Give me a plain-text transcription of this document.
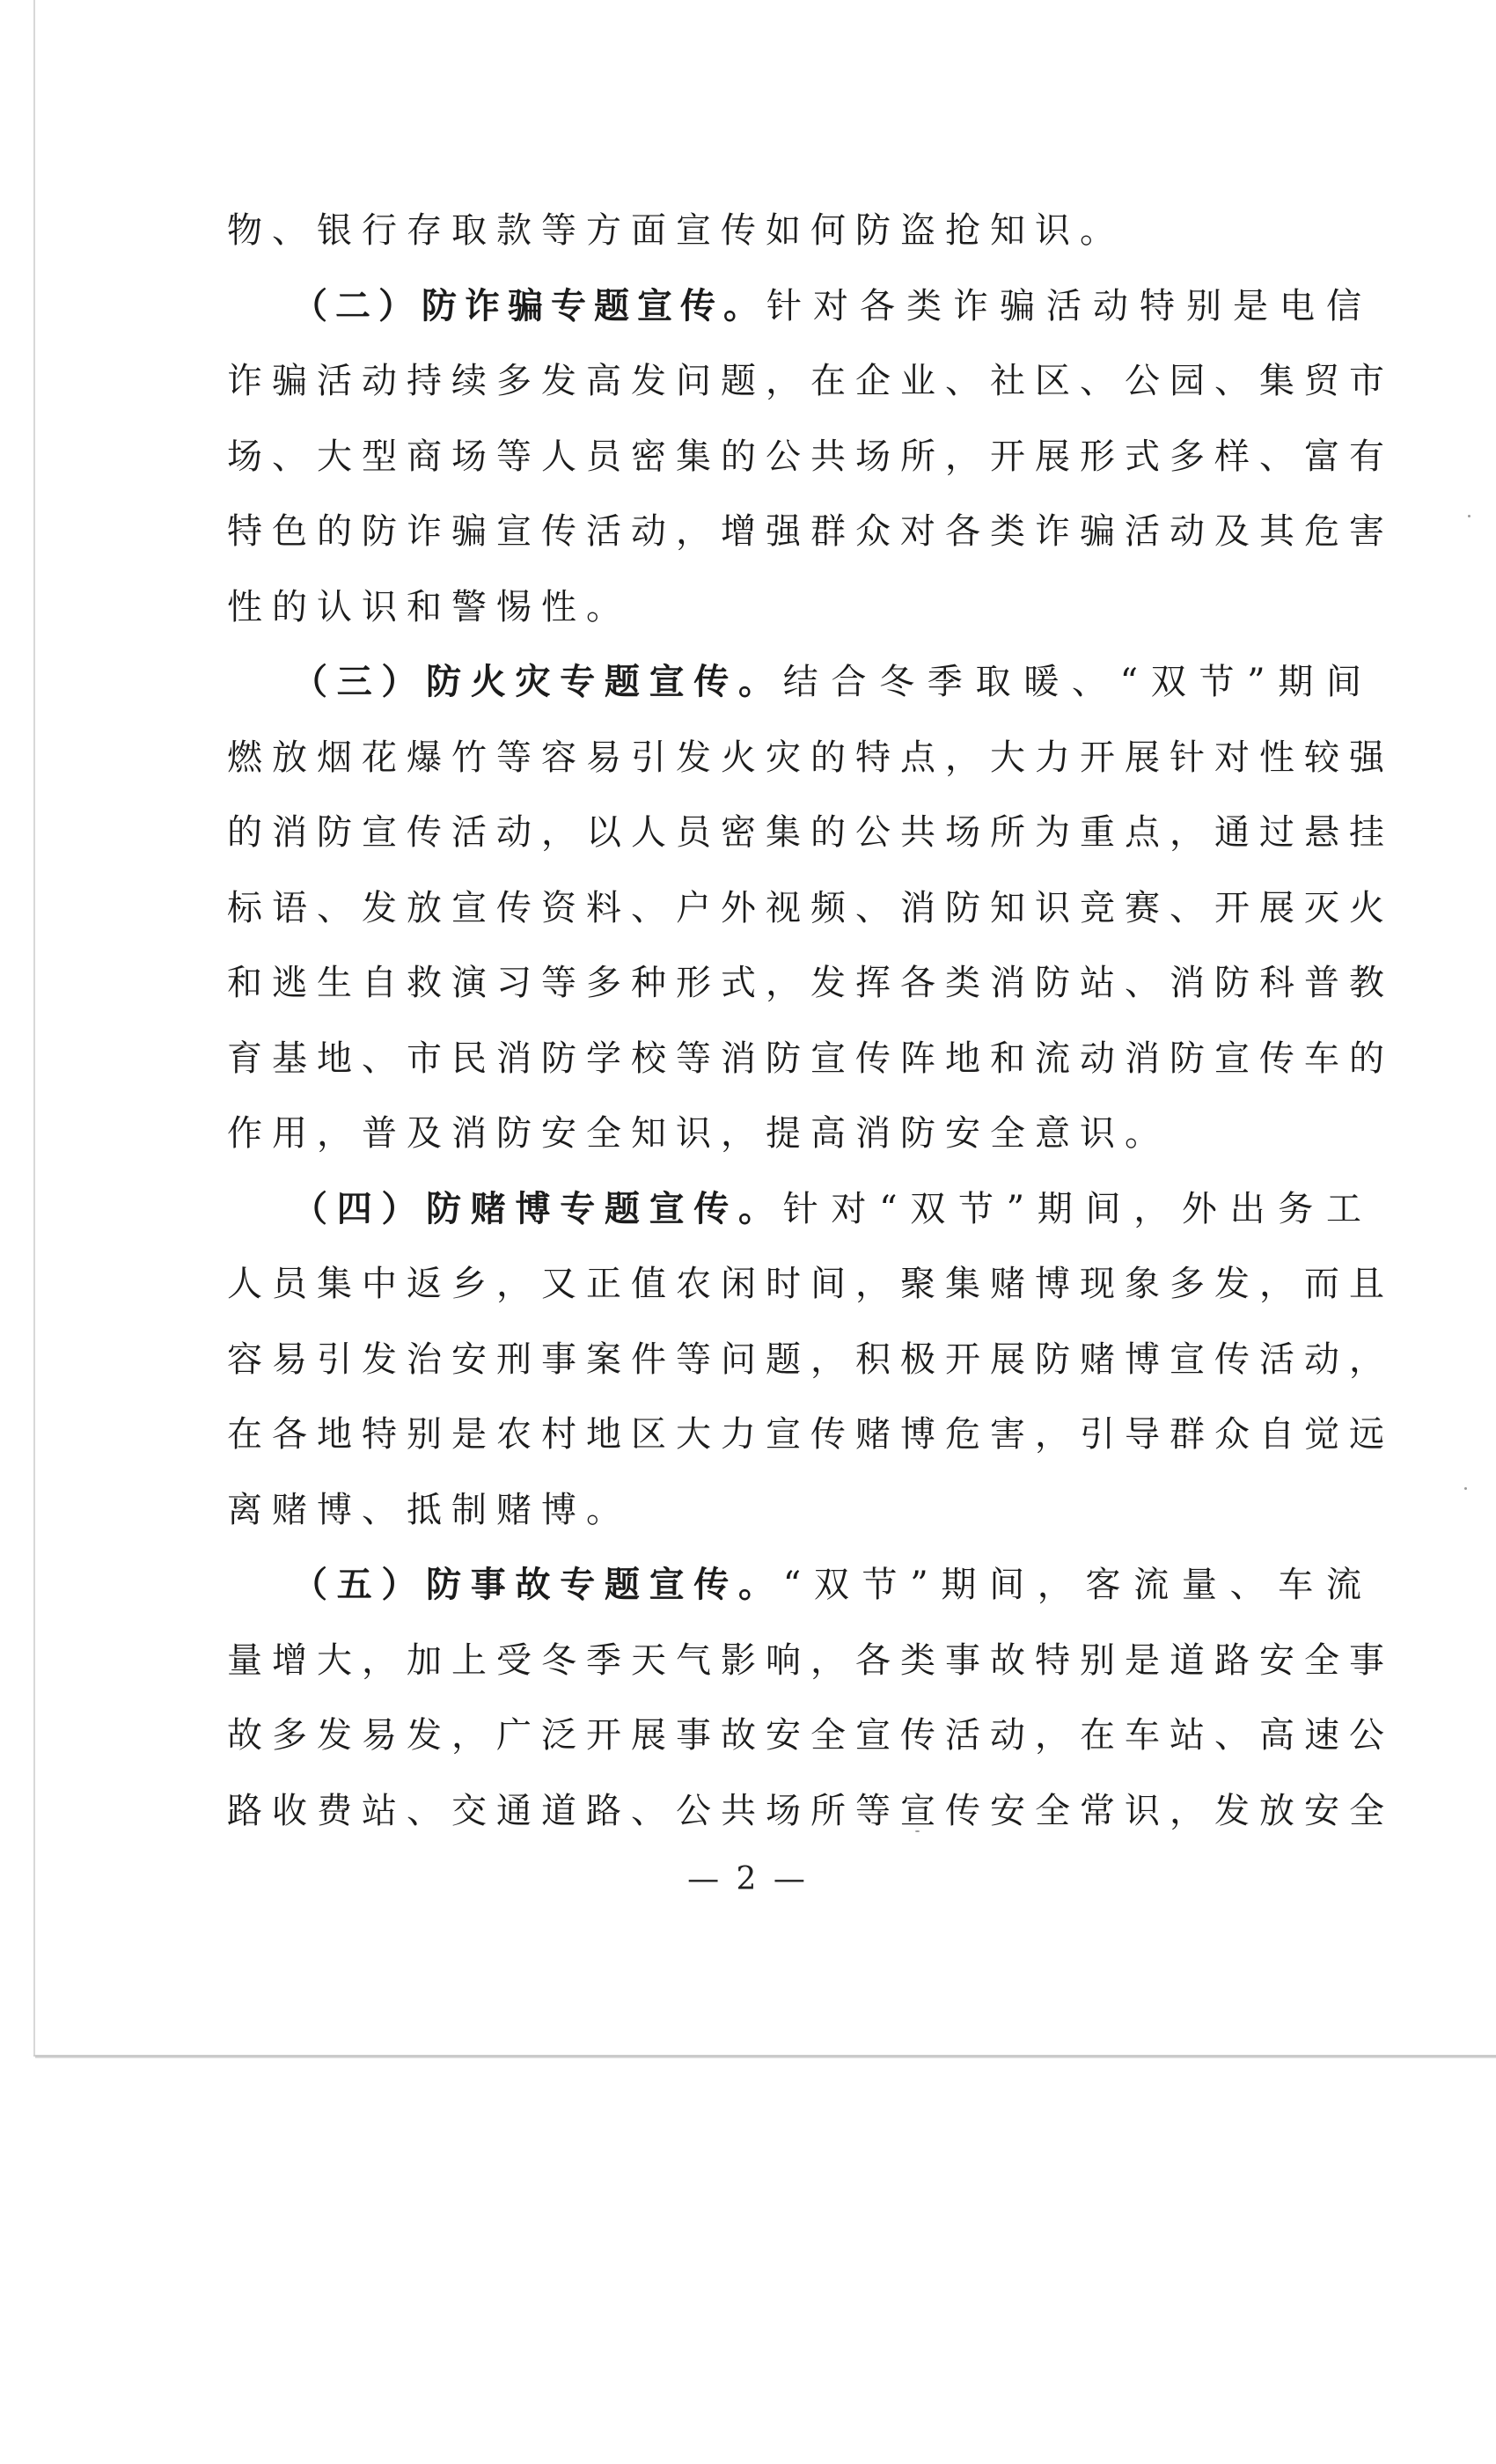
物、银行存取款等方面宣传如何防盗抢知识。
（二）防诈骗专题宣传。针对各类诈骗活动特别是电信
诈骗活动持续多发高发问题，在企业、社区、公园、集贸市
场、大型商场等人员密集的公共场所，开展形式多样、富有
特色的防诈骗宣传活动，增强群众对各类诈骗活动及其危害
性的认识和警惕性。
（三）防火灾专题宣传。结合冬季取暖、“双节”期间
燃放烟花爆竹等容易引发火灾的特点，大力开展针对性较强
的消防宣传活动，以人员密集的公共场所为重点，通过悬挂
标语、发放宣传资料、户外视频、消防知识竞赛、开展灭火
和逃生自救演习等多种形式，发挥各类消防站、消防科普教
育基地、市民消防学校等消防宣传阵地和流动消防宣传车的
作用，普及消防安全知识，提高消防安全意识。
（四）防赌博专题宣传。针对“双节”期间，外出务工
人员集中返乡，又正值农闲时间，聚集赌博现象多发，而且
容易引发治安刑事案件等问题，积极开展防赌博宣传活动，
在各地特别是农村地区大力宣传赌博危害，引导群众自觉远
离赌博、抵制赌博。
（五）防事故专题宣传。“双节”期间，客流量、车流
量增大，加上受冬季天气影响，各类事故特别是道路安全事
故多发易发，广泛开展事故安全宣传活动，在车站、高速公
路收费站、交通道路、公共场所等宣传安全常识，发放安全
— 2 —
